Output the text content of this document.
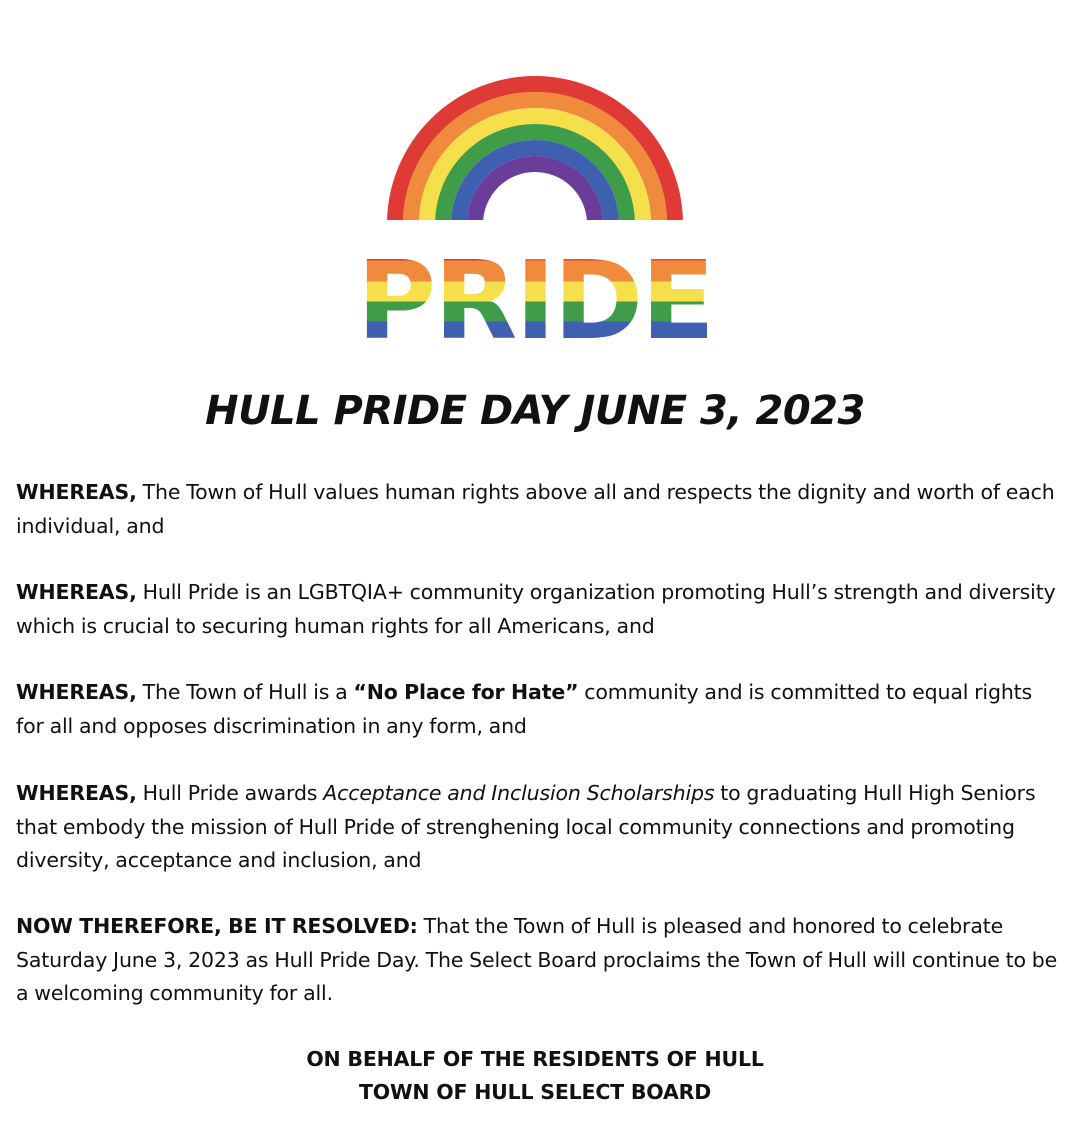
PRIDE
HULL PRIDE DAY JUNE 3, 2023

WHEREAS, The Town of Hull values human rights above all and respects the dignity and worth of each individual, and

WHEREAS, Hull Pride is an LGBTQIA+ community organization promoting Hull’s strength and diversity which is crucial to securing human rights for all Americans, and

WHEREAS, The Town of Hull is a “No Place for Hate” community and is committed to equal rights for all and opposes discrimination in any form, and

WHEREAS, Hull Pride awards Acceptance and Inclusion Scholarships to graduating Hull High Seniors that embody the mission of Hull Pride of strenghening local community connections and promoting diversity, acceptance and inclusion, and

NOW THEREFORE, BE IT RESOLVED: That the Town of Hull is pleased and honored to celebrate Saturday June 3, 2023 as Hull Pride Day. The Select Board proclaims the Town of Hull will continue to be a welcoming community for all.

ON BEHALF OF THE RESIDENTS OF HULL
TOWN OF HULL SELECT BOARD
